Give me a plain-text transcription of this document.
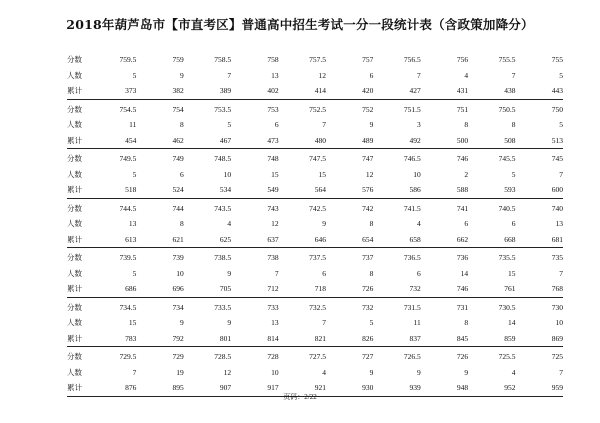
2018年葫芦岛市【市直考区】普通高中招生考试一分一段统计表（含政策加降分）
分数	759.5	759	758.5	758	757.5	757	756.5	756	755.5	755
人数	5	9	7	13	12	6	7	4	7	5
累计	373	382	389	402	414	420	427	431	438	443
分数	754.5	754	753.5	753	752.5	752	751.5	751	750.5	750
人数	11	8	5	6	7	9	3	8	8	5
累计	454	462	467	473	480	489	492	500	508	513
分数	749.5	749	748.5	748	747.5	747	746.5	746	745.5	745
人数	5	6	10	15	15	12	10	2	5	7
累计	518	524	534	549	564	576	586	588	593	600
分数	744.5	744	743.5	743	742.5	742	741.5	741	740.5	740
人数	13	8	4	12	9	8	4	6	6	13
累计	613	621	625	637	646	654	658	662	668	681
分数	739.5	739	738.5	738	737.5	737	736.5	736	735.5	735
人数	5	10	9	7	6	8	6	14	15	7
累计	686	696	705	712	718	726	732	746	761	768
分数	734.5	734	733.5	733	732.5	732	731.5	731	730.5	730
人数	15	9	9	13	7	5	11	8	14	10
累计	783	792	801	814	821	826	837	845	859	869
分数	729.5	729	728.5	728	727.5	727	726.5	726	725.5	725
人数	7	19	12	10	4	9	9	9	4	7
累计	876	895	907	917	921	930	939	948	952	959
页码：2/22
